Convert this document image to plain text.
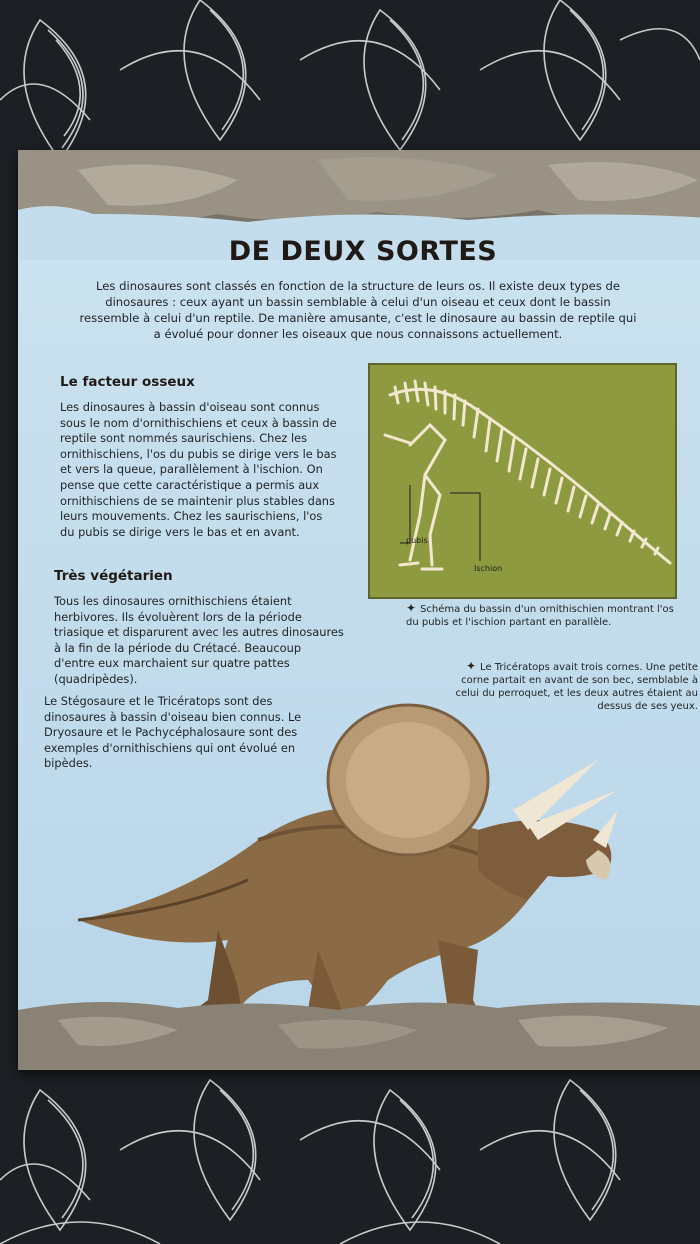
DE DEUX SORTES
Les dinosaures sont classés en fonction de la structure de leurs os. Il existe deux types de dinosaures : ceux ayant un bassin semblable à celui d'un oiseau et ceux dont le bassin ressemble à celui d'un reptile. De manière amusante, c'est le dinosaure au bassin de reptile qui a évolué pour donner les oiseaux que nous connaissons actuellement.
Le facteur osseux
Les dinosaures à bassin d'oiseau sont connus sous le nom d'ornithischiens et ceux à bassin de reptile sont nommés saurischiens. Chez les ornithischiens, l'os du pubis se dirige vers le bas et vers la queue, parallèlement à l'ischion. On pense que cette caractéristique a permis aux ornithischiens de se maintenir plus stables dans leurs mouvements. Chez les saurischiens, l'os du pubis se dirige vers le bas et en avant.
Très végétarien
Tous les dinosaures ornithischiens étaient herbivores. Ils évoluèrent lors de la période triasique et disparurent avec les autres dinosaures à la fin de la période du Crétacé. Beaucoup d'entre eux marchaient sur quatre pattes (quadripèdes).
Le Stégosaure et le Tricératops sont des dinosaures à bassin d'oiseau bien connus. Le Dryosaure et le Pachycéphalosaure sont des exemples d'ornithischiens qui ont évolué en bipèdes.
pubis
Ischion
✦ Schéma du bassin d'un ornithischien montrant l'os du pubis et l'ischion partant en parallèle.
✦ Le Tricératops avait trois cornes. Une petite corne partait en avant de son bec, semblable à celui du perroquet, et les deux autres étaient au dessus de ses yeux.
